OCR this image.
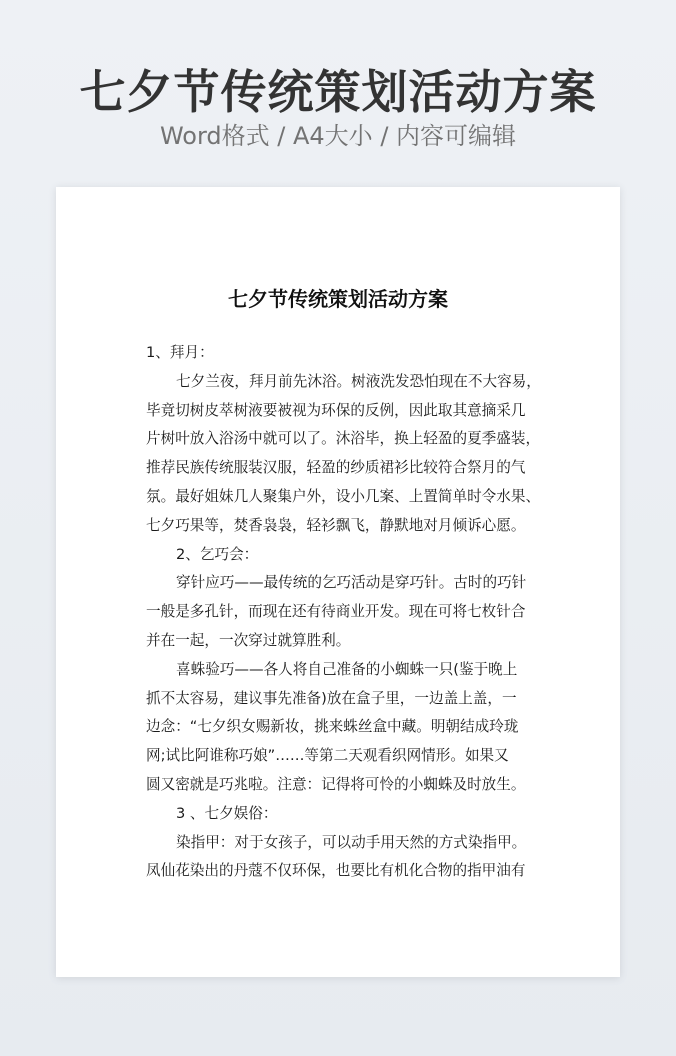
七夕节传统策划活动方案
Word格式 / A4大小 / 内容可编辑
七夕节传统策划活动方案
1、拜月：
七夕兰夜，拜月前先沐浴。树液洗发恐怕现在不大容易，
毕竟切树皮萃树液要被视为环保的反例，因此取其意摘采几
片树叶放入浴汤中就可以了。沐浴毕，换上轻盈的夏季盛装，
推荐民族传统服装汉服，轻盈的纱质裙衫比较符合祭月的气
氛。最好姐妹几人聚集户外，设小几案、上置简单时令水果、
七夕巧果等，焚香袅袅，轻衫飘飞，静默地对月倾诉心愿。
2、乞巧会：
穿针应巧——最传统的乞巧活动是穿巧针。古时的巧针
一般是多孔针，而现在还有待商业开发。现在可将七枚针合
并在一起，一次穿过就算胜利。
喜蛛验巧——各人将自己准备的小蜘蛛一只(鉴于晚上
抓不太容易，建议事先准备)放在盒子里，一边盖上盖，一
边念：“七夕织女赐新妆，挑来蛛丝盒中藏。明朝结成玲珑
网;试比阿谁称巧娘”……等第二天观看织网情形。如果又
圆又密就是巧兆啦。注意：记得将可怜的小蜘蛛及时放生。
3 、七夕娱俗：
染指甲：对于女孩子，可以动手用天然的方式染指甲。
凤仙花染出的丹蔻不仅环保，也要比有机化合物的指甲油有
